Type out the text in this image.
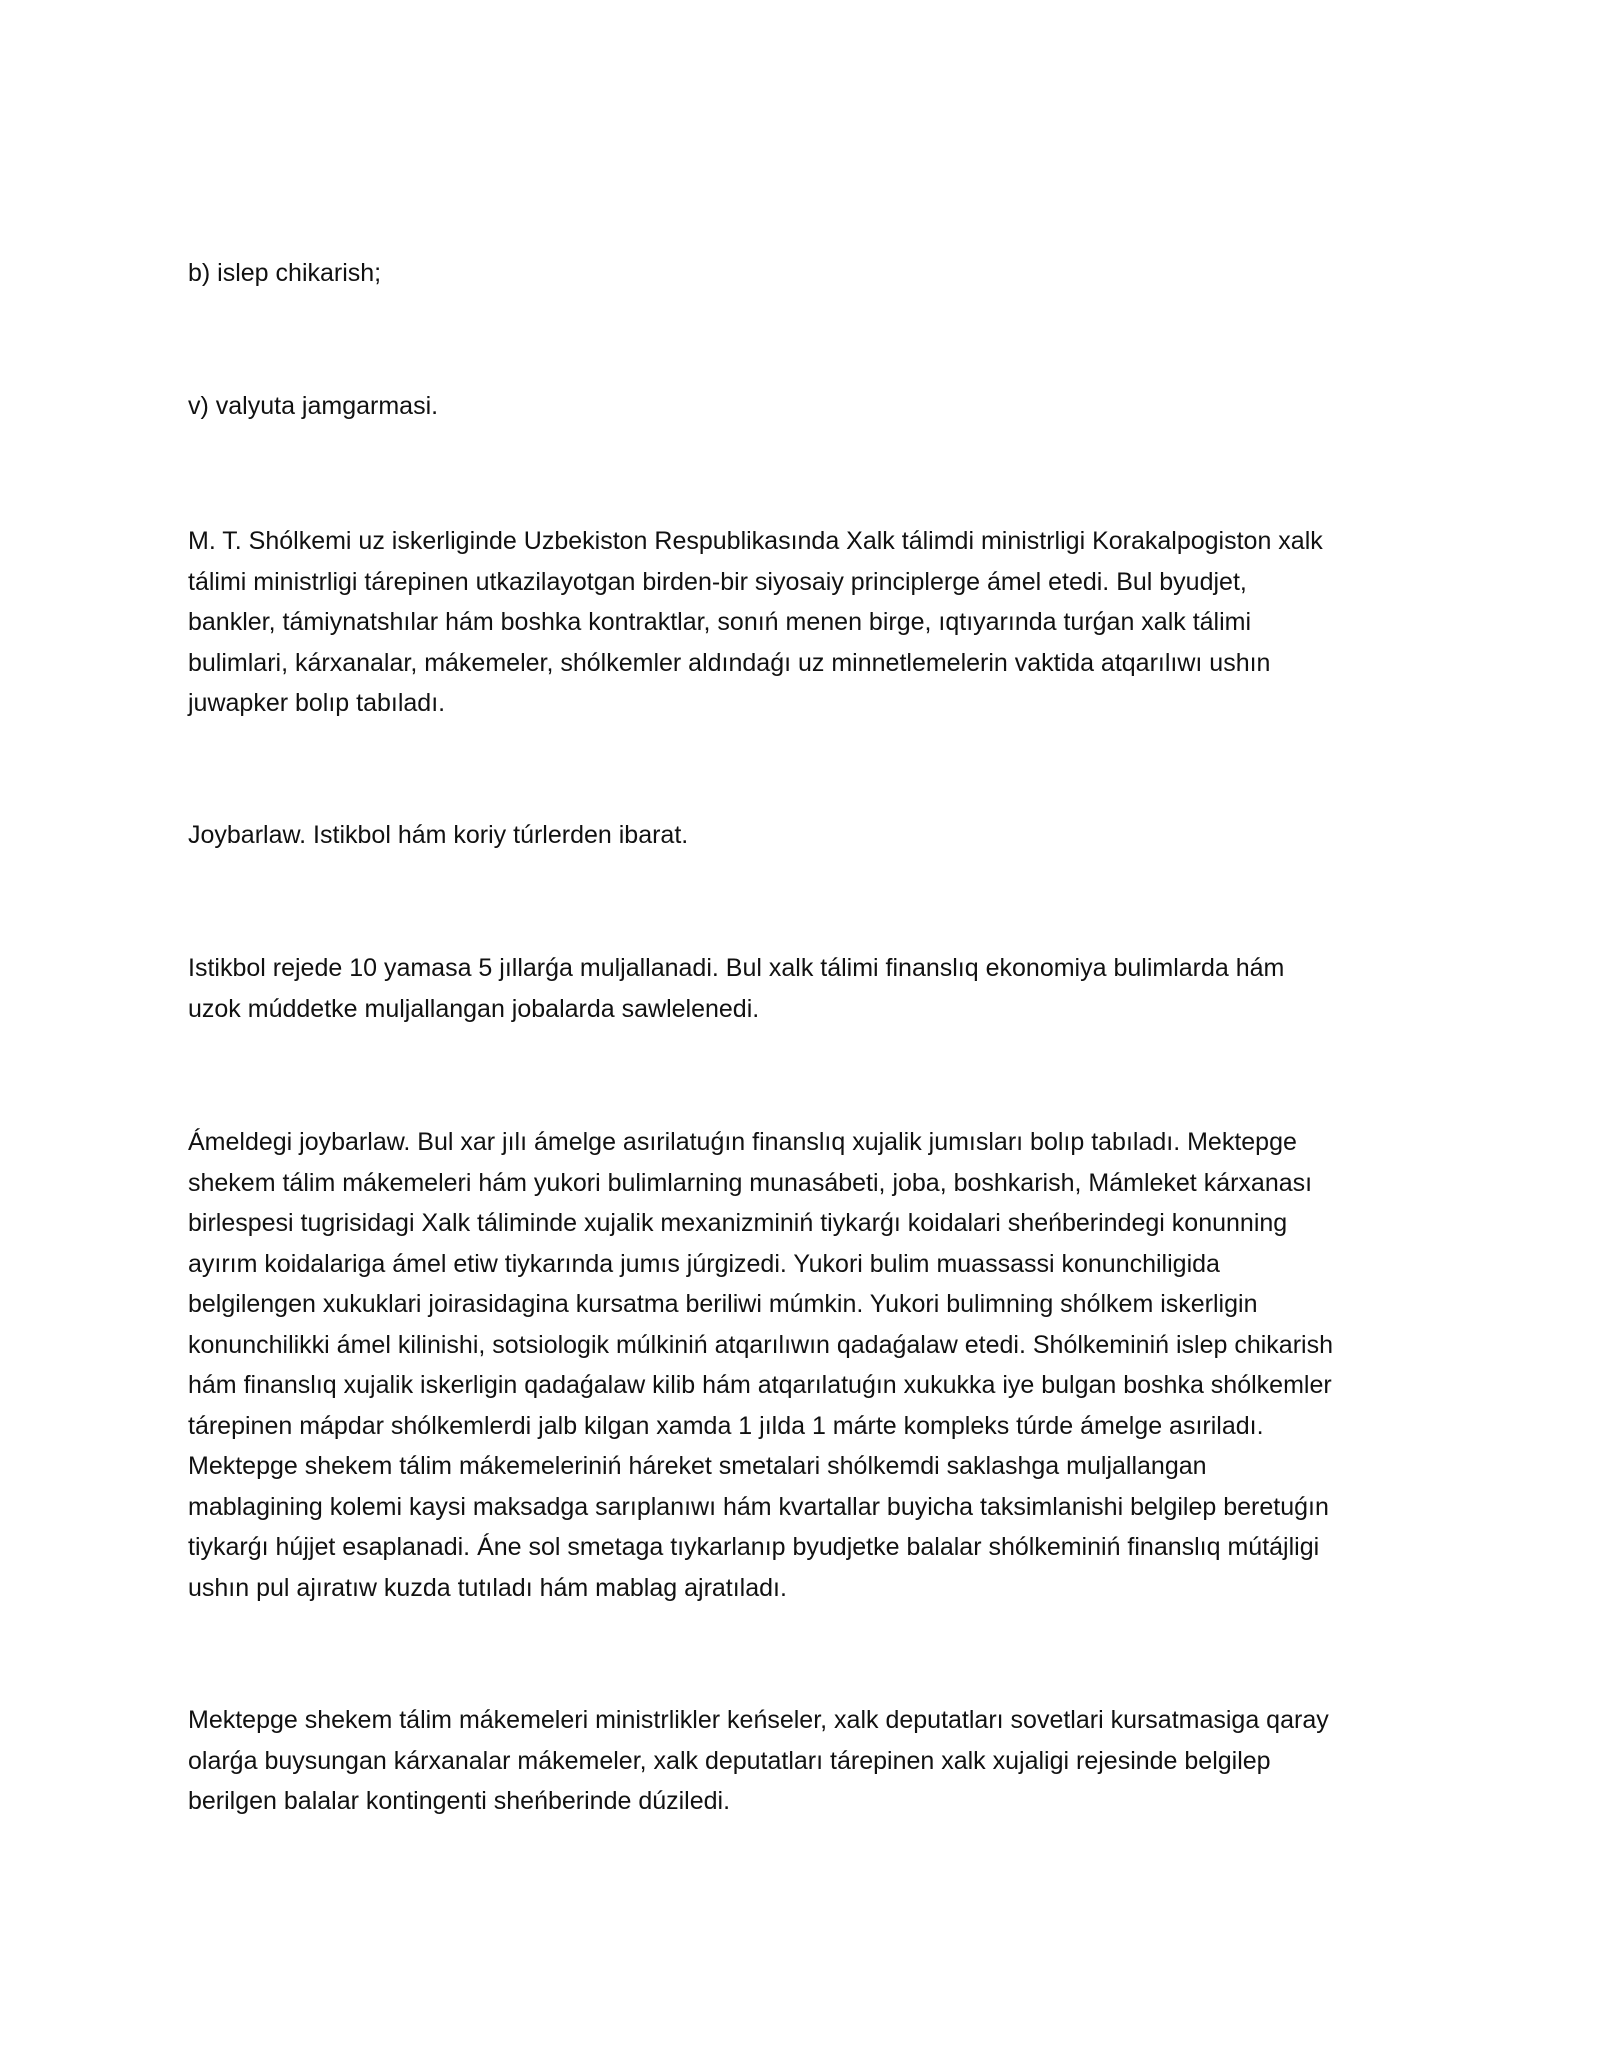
b) islep chikarish;

v) valyuta jamgarmasi.

M. T. Shólkemi uz iskerliginde Uzbekiston Respublikasında Xalk tálimdi ministrligi Korakalpogiston xalk
tálimi ministrligi tárepinen utkazilayotgan birden-bir siyosaiy principlerge ámel etedi. Bul byudjet,
bankler, támiynatshılar hám boshka kontraktlar, sonıń menen birge, ıqtıyarında turǵan xalk tálimi
bulimlari, kárxanalar, mákemeler, shólkemler aldındaǵı uz minnetlemelerin vaktida atqarılıwı ushın
juwapker bolıp tabıladı.

Joybarlaw. Istikbol hám koriy túrlerden ibarat.

Istikbol rejede 10 yamasa 5 jıllarǵa muljallanadi. Bul xalk tálimi finanslıq ekonomiya bulimlarda hám
uzok múddetke muljallangan jobalarda sawlelenedi.

Ámeldegi joybarlaw. Bul xar jılı ámelge asırilatuǵın finanslıq xujalik jumısları bolıp tabıladı. Mektepge
shekem tálim mákemeleri hám yukori bulimlarning munasábeti, joba, boshkarish, Mámleket kárxanası
birlespesi tugrisidagi Xalk táliminde xujalik mexanizminiń tiykarǵı koidalari sheńberindegi konunning
ayırım koidalariga ámel etiw tiykarında jumıs júrgizedi. Yukori bulim muassassi konunchiligida
belgilengen xukuklari joirasidagina kursatma beriliwi múmkin. Yukori bulimning shólkem iskerligin
konunchilikki ámel kilinishi, sotsiologik múlkiniń atqarılıwın qadaǵalaw etedi. Shólkeminiń islep chikarish
hám finanslıq xujalik iskerligin qadaǵalaw kilib hám atqarılatuǵın xukukka iye bulgan boshka shólkemler
tárepinen mápdar shólkemlerdi jalb kilgan xamda 1 jılda 1 márte kompleks túrde ámelge asıriladı.
Mektepge shekem tálim mákemeleriniń háreket smetalari shólkemdi saklashga muljallangan
mablagining kolemi kaysi maksadga sarıplanıwı hám kvartallar buyicha taksimlanishi belgilep beretuǵın
tiykarǵı hújjet esaplanadi. Áne sol smetaga tıykarlanıp byudjetke balalar shólkeminiń finanslıq mútájligi
ushın pul ajıratıw kuzda tutıladı hám mablag ajratıladı.

Mektepge shekem tálim mákemeleri ministrlikler keńseler, xalk deputatları sovetlari kursatmasiga qaray
olarǵa buysungan kárxanalar mákemeler, xalk deputatları tárepinen xalk xujaligi rejesinde belgilep
berilgen balalar kontingenti sheńberinde dúziledi.
